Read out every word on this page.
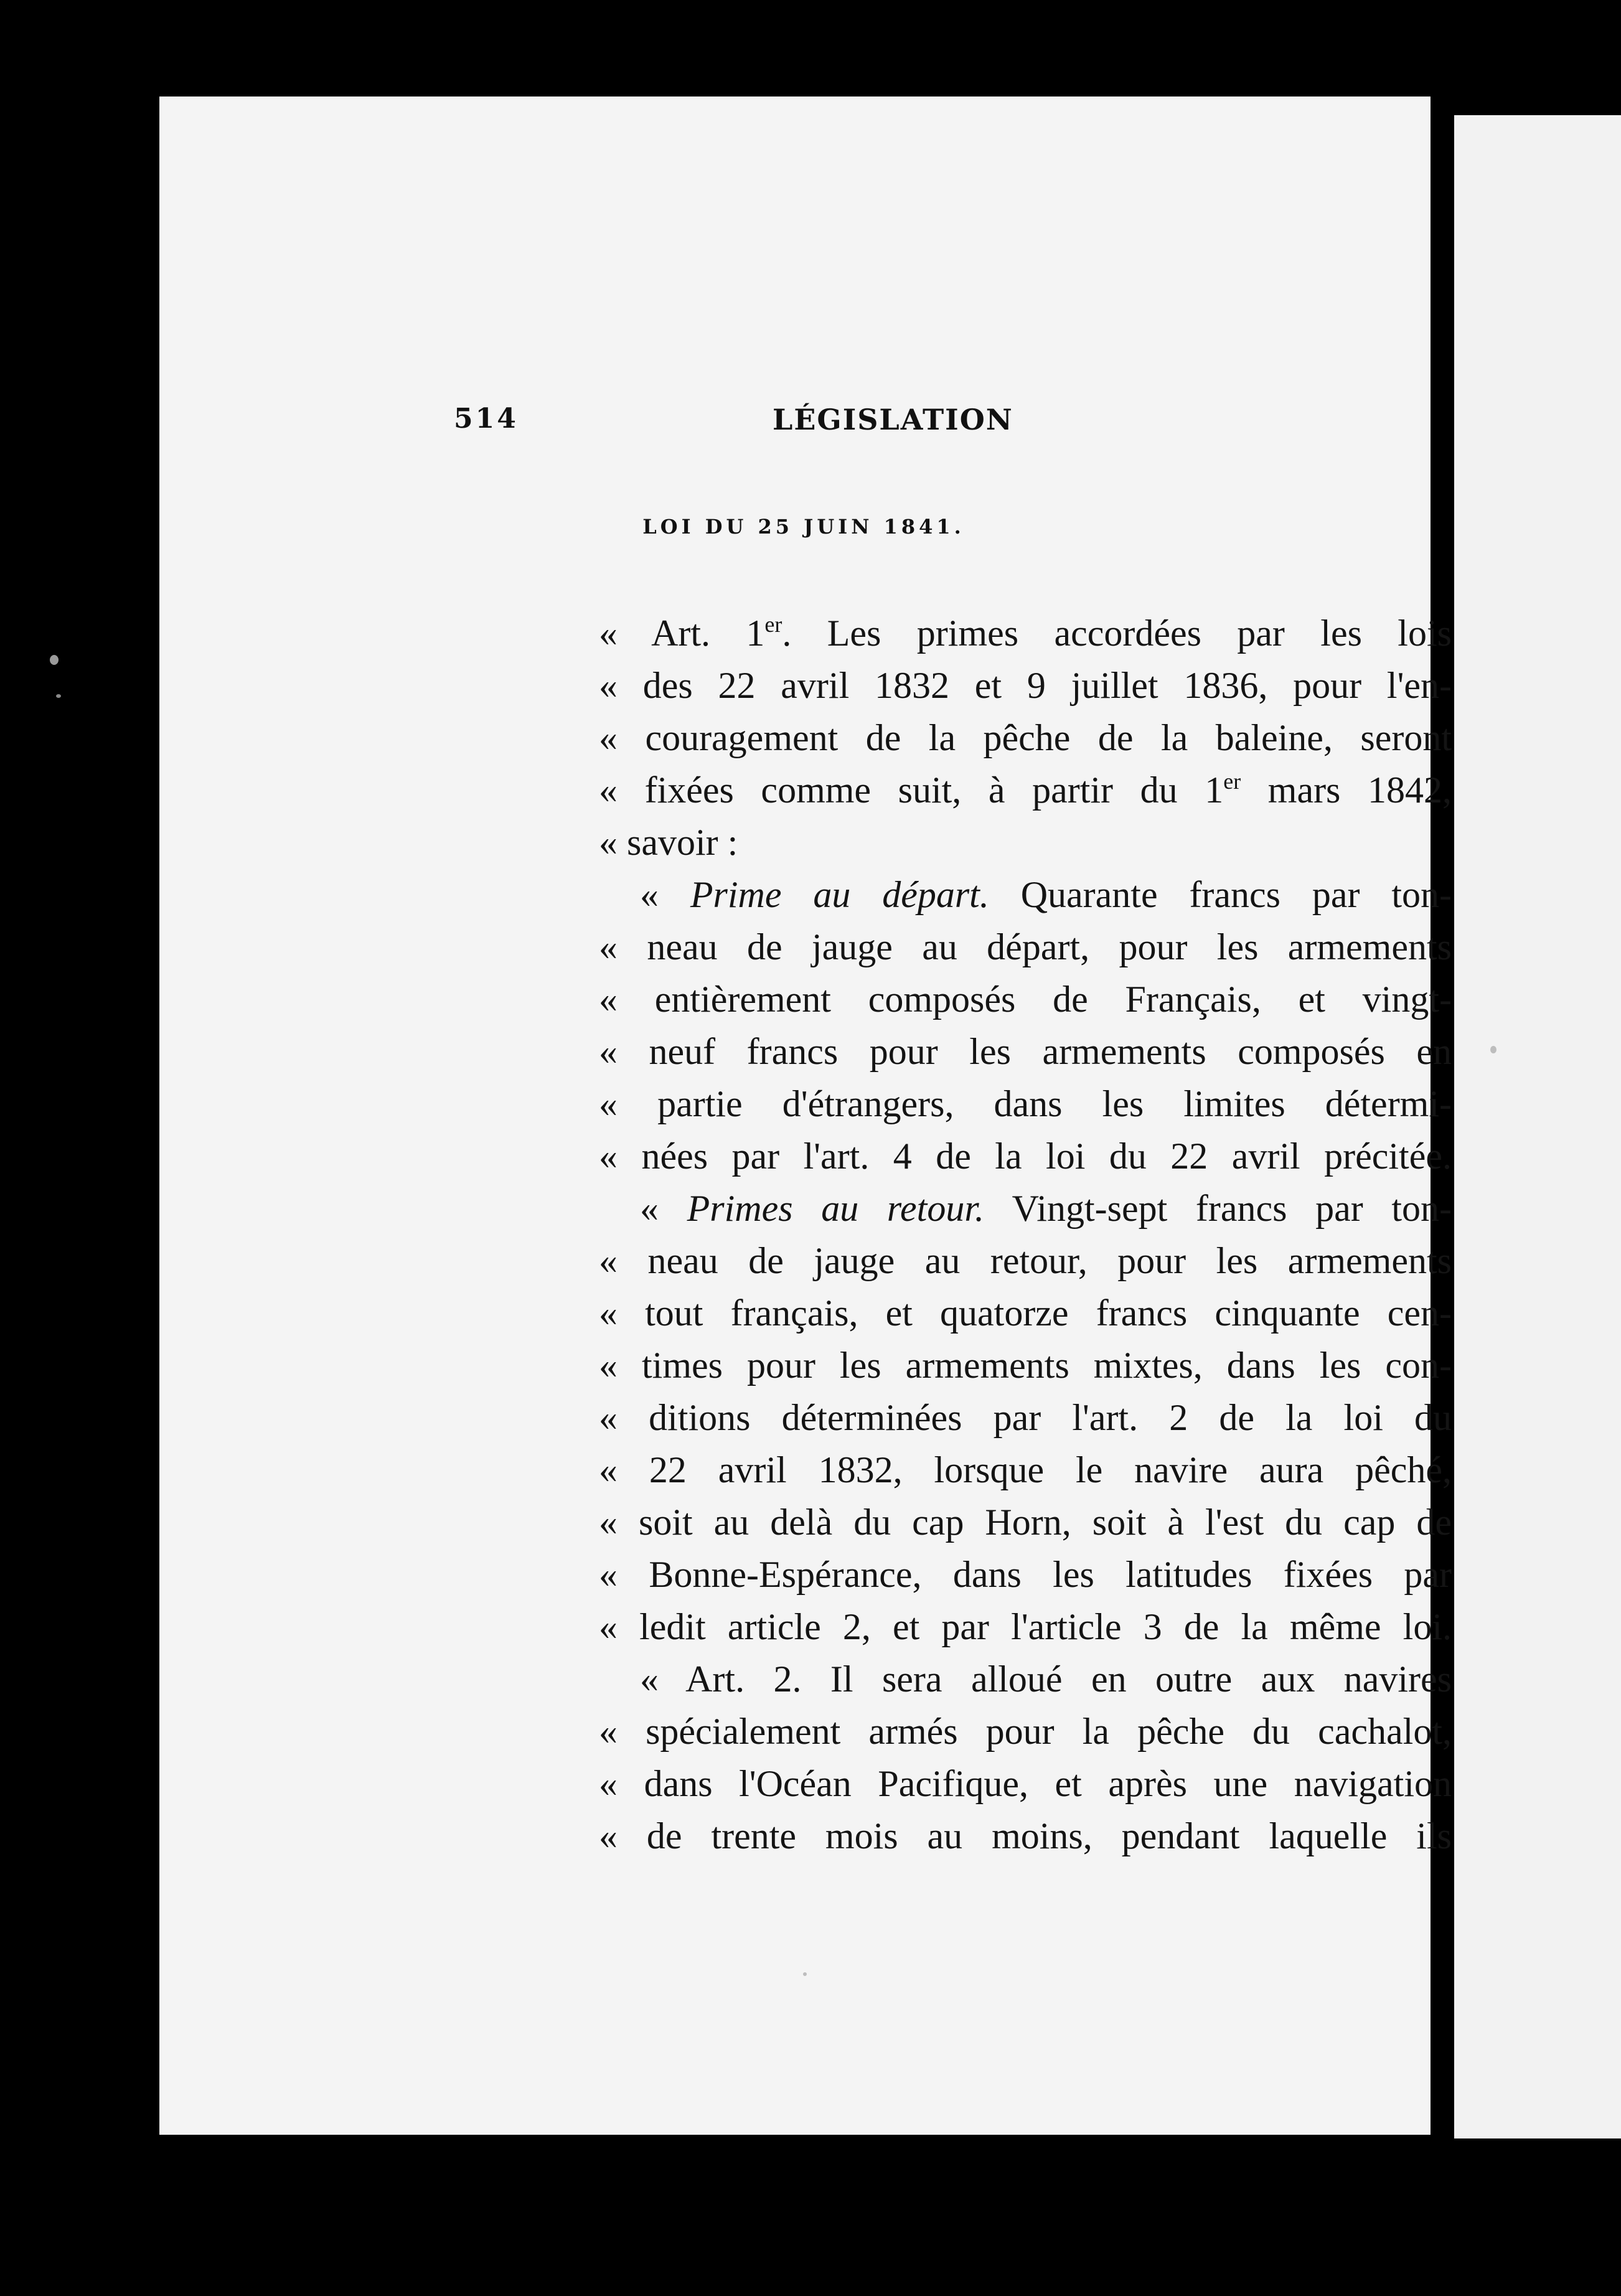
514	LÉGISLATION
LOI DU 25 JUIN 1841.
« Art. 1er. Les primes accordées par les lois
« des 22 avril 1832 et 9 juillet 1836, pour l'en-
« couragement de la pêche de la baleine, seront
« fixées comme suit, à partir du 1er mars 1842,
« savoir :
« Prime au départ. Quarante francs par ton-
« neau de jauge au départ, pour les armements
« entièrement composés de Français, et vingt-
« neuf francs pour les armements composés en
« partie d'étrangers, dans les limites détermi-
« nées par l'art. 4 de la loi du 22 avril précitée.
« Primes au retour. Vingt-sept francs par ton-
« neau de jauge au retour, pour les armements
« tout français, et quatorze francs cinquante cen-
« times pour les armements mixtes, dans les con-
« ditions déterminées par l'art. 2 de la loi du
« 22 avril 1832, lorsque le navire aura pêché,
« soit au delà du cap Horn, soit à l'est du cap de
« Bonne-Espérance, dans les latitudes fixées par
« ledit article 2, et par l'article 3 de la même loi.
« Art. 2. Il sera alloué en outre aux navires
« spécialement armés pour la pêche du cachalot,
« dans l'Océan Pacifique, et après une navigation
« de trente mois au moins, pendant laquelle ils
